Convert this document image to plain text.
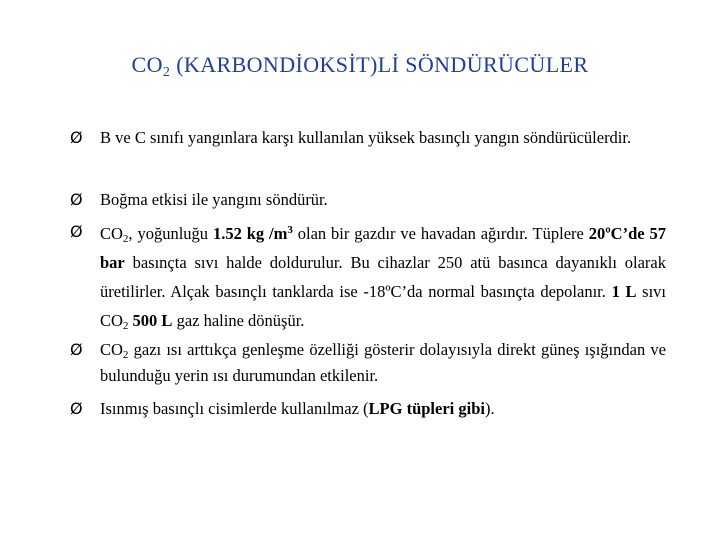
$CO_2$ (KARBONDİOKSİT)Lİ SÖNDÜRÜCÜLER
Ø B ve C sınıfı yangınlara karşı kullanılan yüksek basınçlı yangın söndürücülerdir.
Ø Boğma etkisi ile yangını söndürür.
Ø $CO_2$, yoğunluğu 1.52 kg $/m^3$ olan bir gazdır ve havadan ağırdır. Tüplere 20ºC’de 57 bar basınçta sıvı halde doldurulur. Bu cihazlar 250 atü basınca dayanıklı olarak üretilirler. Alçak basınçlı tanklarda ise -18ºC’da normal basınçta depolanır. 1 L sıvı $CO_2$ 500 L gaz haline dönüşür.
Ø $CO_2$ gazı ısı arttıkça genleşme özelliği gösterir dolayısıyla direkt güneş ışığından ve bulunduğu yerin ısı durumundan etkilenir.
Ø Isınmış basınçlı cisimlerde kullanılmaz (LPG tüpleri gibi).
